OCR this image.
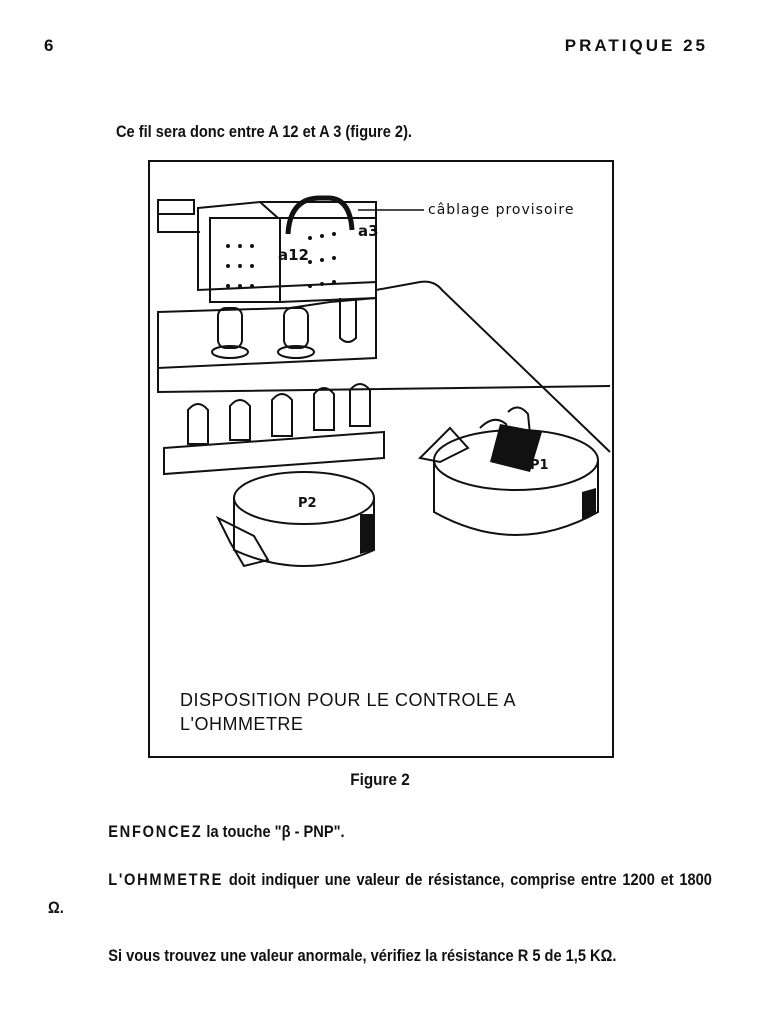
6	PRATIQUE 25
Ce fil sera donc entre A 12 et A 3 (figure 2).
câblage provisoire
a12
a3
P1
P2
DISPOSITION POUR LE CONTROLE A
L'OHMMETRE
Figure 2
ENFONCEZ la touche "β - PNP".
L'OHMMETRE doit indiquer une valeur de résistance, comprise entre 1200 et 1800 Ω.
Si vous trouvez une valeur anormale, vérifiez la résistance R 5 de 1,5 KΩ.
